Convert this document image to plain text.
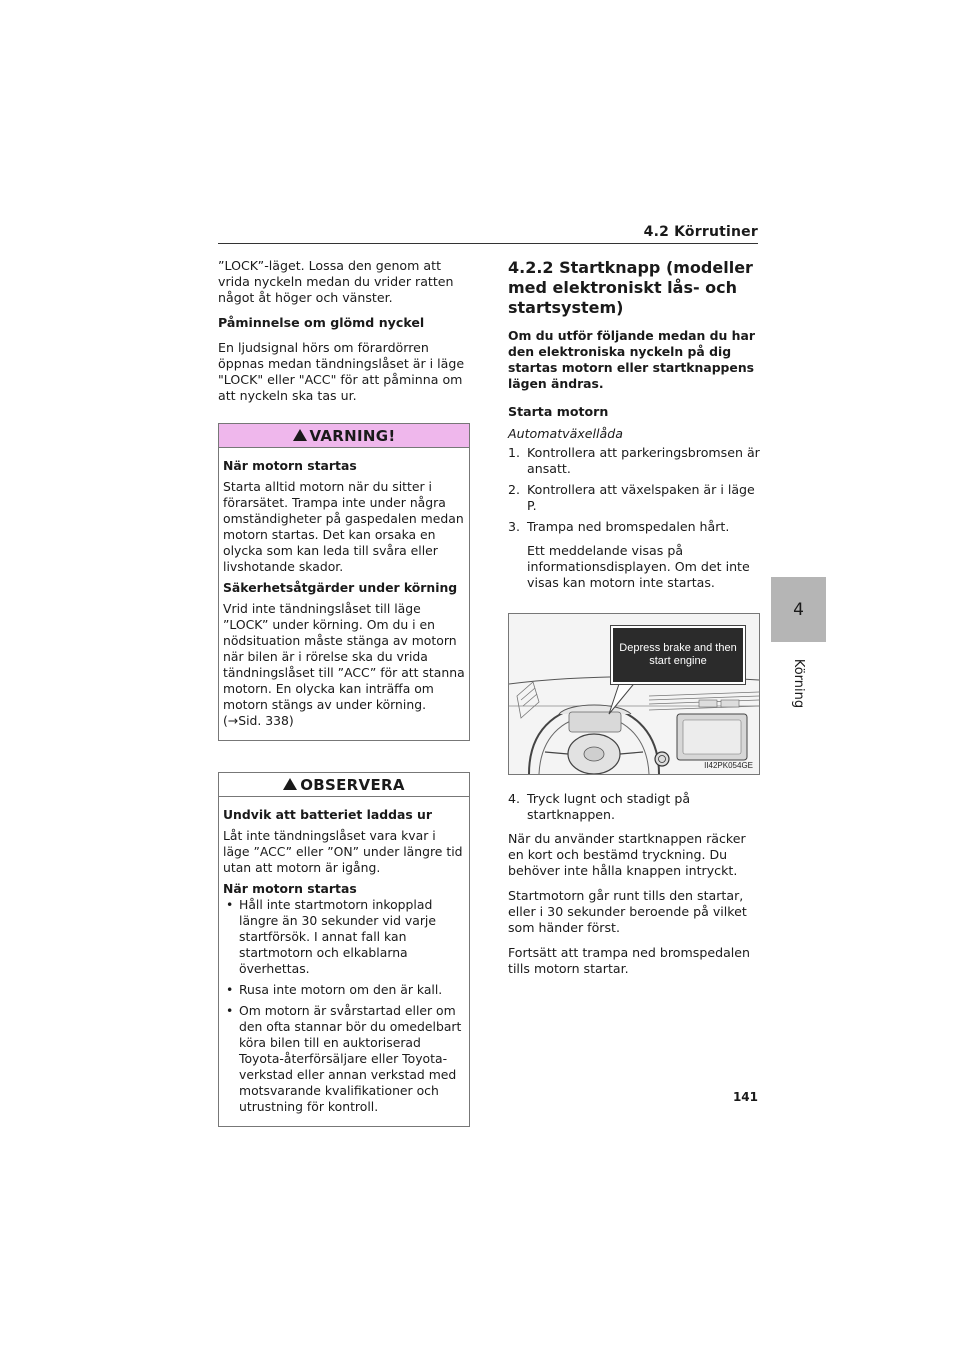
4.2 Körrutiner

”LOCK”-läget. Lossa den genom att vrida nyckeln medan du vrider ratten något åt höger och vänster.

Påminnelse om glömd nyckel

En ljudsignal hörs om förardörren öppnas medan tändningslåset är i läge "LOCK" eller "ACC" för att påminna om att nyckeln ska tas ur.

VARNING!

När motorn startas

Starta alltid motorn när du sitter i förarsätet. Trampa inte under några omständigheter på gaspedalen medan motorn startas. Det kan orsaka en olycka som kan leda till svåra eller livshotande skador.

Säkerhetsåtgärder under körning

Vrid inte tändningslåset till läge ”LOCK” under körning. Om du i en nödsituation måste stänga av motorn när bilen är i rörelse ska du vrida tändningslåset till ”ACC” för att stanna motorn. En olycka kan inträffa om motorn stängs av under körning.

(→Sid. 338)

OBSERVERA

Undvik att batteriet laddas ur

Låt inte tändningslåset vara kvar i läge ”ACC” eller ”ON” under längre tid utan att motorn är igång.

När motorn startas

• Håll inte startmotorn inkopplad längre än 30 sekunder vid varje startförsök. I annat fall kan startmotorn och elkablarna överhettas.
• Rusa inte motorn om den är kall.
• Om motorn är svårstartad eller om den ofta stannar bör du omedelbart köra bilen till en auktoriserad Toyota-återförsäljare eller Toyota-verkstad eller annan verkstad med motsvarande kvalifikationer och utrustning för kontroll.
4.2.2 Startknapp (modeller med elektroniskt lås- och startsystem)

Om du utför följande medan du har den elektroniska nyckeln på dig startas motorn eller startknappens lägen ändras.

Starta motorn

Automatväxellåda

1. Kontrollera att parkeringsbromsen är ansatt.
2. Kontrollera att växelspaken är i läge P.
3. Trampa ned bromspedalen hårt.

Ett meddelande visas på informationsdisplayen. Om det inte visas kan motorn inte startas.

Depress brake and then start engine
II42PK054GE
4. Tryck lugnt och stadigt på startknappen.

När du använder startknappen räcker en kort och bestämd tryckning. Du behöver inte hålla knappen intryckt.

Startmotorn går runt tills den startar, eller i 30 sekunder beroende på vilket som händer först.

Fortsätt att trampa ned bromspedalen tills motorn startar.

4
Körning
141
